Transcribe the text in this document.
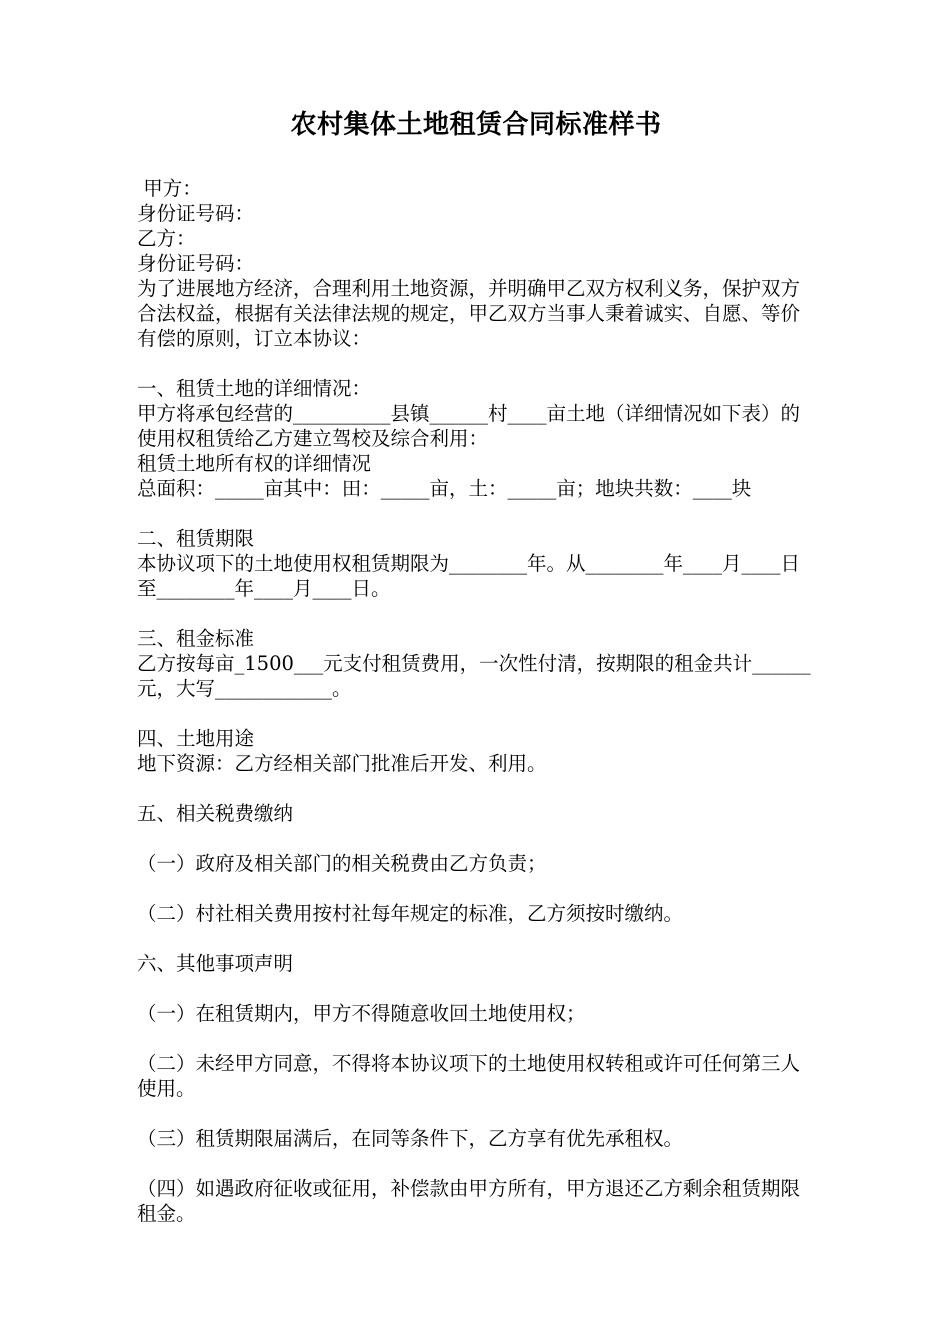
农村集体土地租赁合同标准样书

甲方：

身份证号码：

乙方：

身份证号码：

为了进展地方经济，合理利用土地资源，并明确甲乙双方权利义务，保护双方合法权益，根据有关法律法规的规定，甲乙双方当事人秉着诚实、自愿、等价有偿的原则，订立本协议：

一、租赁土地的详细情况：

甲方将承包经营的__________县镇______村____亩土地（详细情况如下表）的使用权租赁给乙方建立驾校及综合利用：

租赁土地所有权的详细情况

总面积：_____亩其中：田：_____亩，土：_____亩；地块共数：____块

二、租赁期限

本协议项下的土地使用权租赁期限为________年。从________年____月____日至________年____月____日。

三、租金标准

乙方按每亩_1500___元支付租赁费用，一次性付清，按期限的租金共计______元，大写____________。

四、土地用途

地下资源：乙方经相关部门批准后开发、利用。

五、相关税费缴纳

（一）政府及相关部门的相关税费由乙方负责；

（二）村社相关费用按村社每年规定的标准，乙方须按时缴纳。

六、其他事项声明

（一）在租赁期内，甲方不得随意收回土地使用权；

（二）未经甲方同意，不得将本协议项下的土地使用权转租或许可任何第三人使用。

（三）租赁期限届满后，在同等条件下，乙方享有优先承租权。

（四）如遇政府征收或征用，补偿款由甲方所有，甲方退还乙方剩余租赁期限租金。
